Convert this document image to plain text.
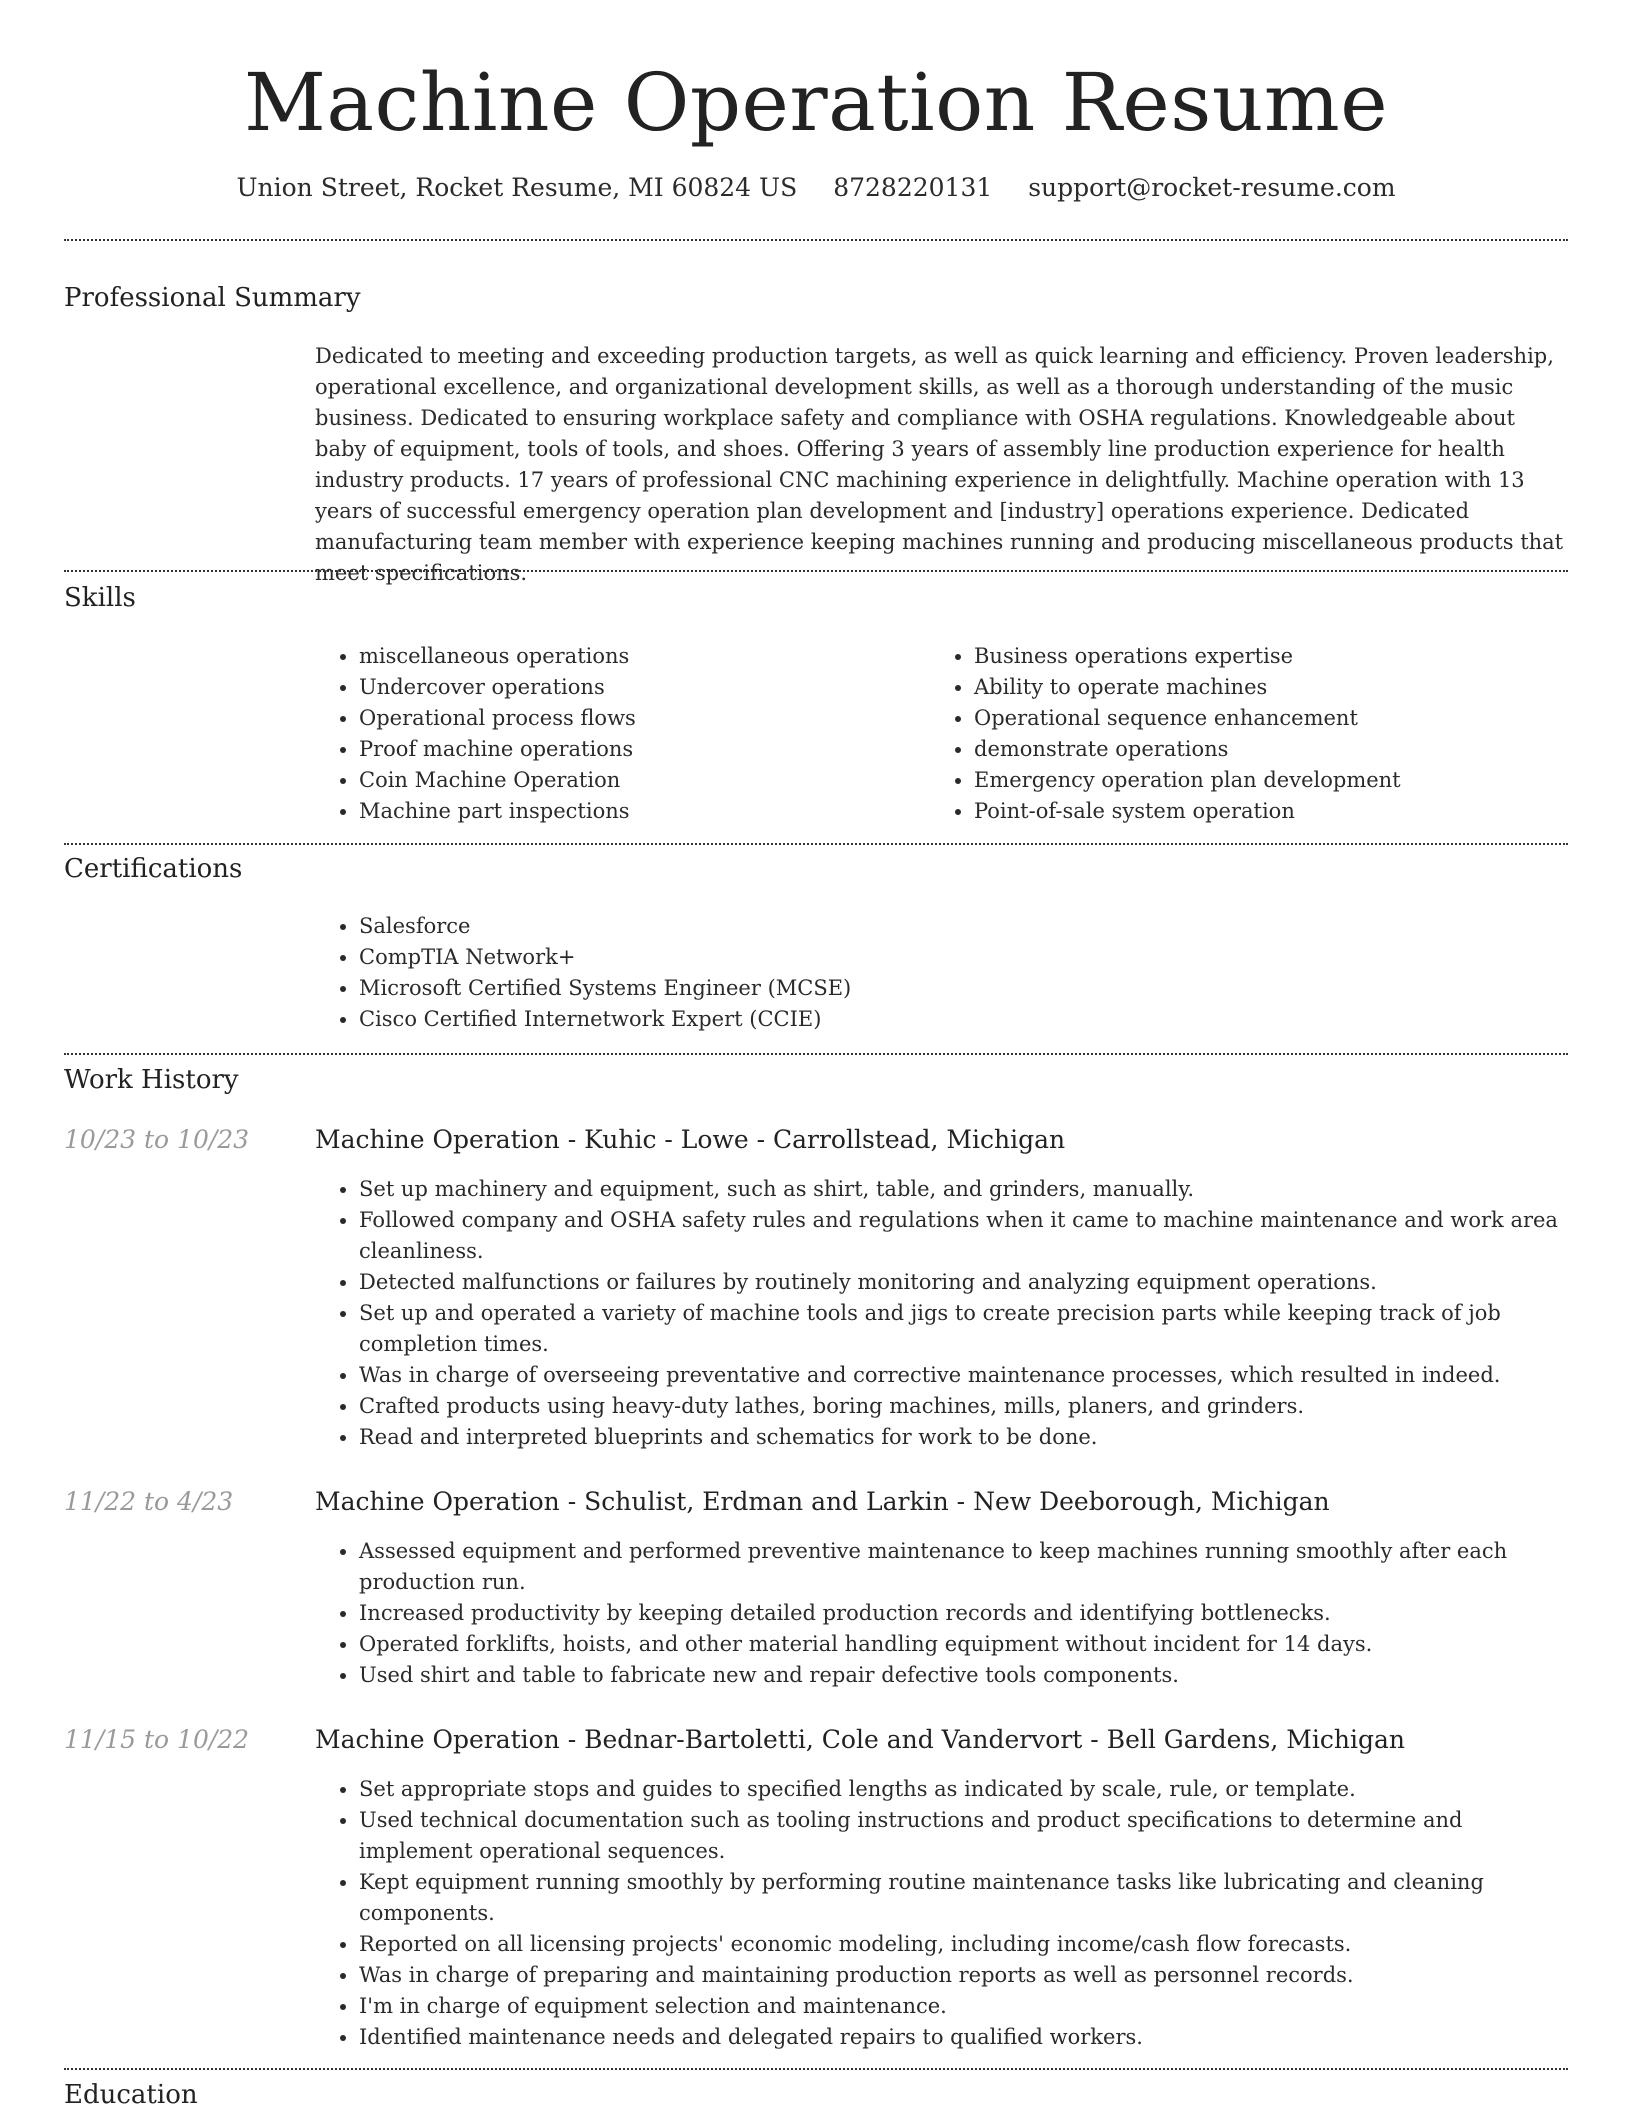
Machine Operation Resume
Union Street, Rocket Resume, MI 60824 US 8728220131 support@rocket-resume.com
Professional Summary
Dedicated to meeting and exceeding production targets, as well as quick learning and efficiency. Proven leadership, operational excellence, and organizational development skills, as well as a thorough understanding of the music business. Dedicated to ensuring workplace safety and compliance with OSHA regulations. Knowledgeable about baby of equipment, tools of tools, and shoes. Offering 3 years of assembly line production experience for health industry products. 17 years of professional CNC machining experience in delightfully. Machine operation with 13 years of successful emergency operation plan development and [industry] operations experience. Dedicated manufacturing team member with experience keeping machines running and producing miscellaneous products that meet specifications.
Skills
• miscellaneous operations
• Undercover operations
• Operational process flows
• Proof machine operations
• Coin Machine Operation
• Machine part inspections
• Business operations expertise
• Ability to operate machines
• Operational sequence enhancement
• demonstrate operations
• Emergency operation plan development
• Point-of-sale system operation
Certifications
• Salesforce
• CompTIA Network+
• Microsoft Certified Systems Engineer (MCSE)
• Cisco Certified Internetwork Expert (CCIE)
Work History
10/23 to 10/23	Machine Operation - Kuhic - Lowe - Carrollstead, Michigan
• Set up machinery and equipment, such as shirt, table, and grinders, manually.
• Followed company and OSHA safety rules and regulations when it came to machine maintenance and work area cleanliness.
• Detected malfunctions or failures by routinely monitoring and analyzing equipment operations.
• Set up and operated a variety of machine tools and jigs to create precision parts while keeping track of job completion times.
• Was in charge of overseeing preventative and corrective maintenance processes, which resulted in indeed.
• Crafted products using heavy-duty lathes, boring machines, mills, planers, and grinders.
• Read and interpreted blueprints and schematics for work to be done.
11/22 to 4/23	Machine Operation - Schulist, Erdman and Larkin - New Deeborough, Michigan
• Assessed equipment and performed preventive maintenance to keep machines running smoothly after each production run.
• Increased productivity by keeping detailed production records and identifying bottlenecks.
• Operated forklifts, hoists, and other material handling equipment without incident for 14 days.
• Used shirt and table to fabricate new and repair defective tools components.
11/15 to 10/22	Machine Operation - Bednar-Bartoletti, Cole and Vandervort - Bell Gardens, Michigan
• Set appropriate stops and guides to specified lengths as indicated by scale, rule, or template.
• Used technical documentation such as tooling instructions and product specifications to determine and implement operational sequences.
• Kept equipment running smoothly by performing routine maintenance tasks like lubricating and cleaning components.
• Reported on all licensing projects' economic modeling, including income/cash flow forecasts.
• Was in charge of preparing and maintaining production reports as well as personnel records.
• I'm in charge of equipment selection and maintenance.
• Identified maintenance needs and delegated repairs to qualified workers.
Education
